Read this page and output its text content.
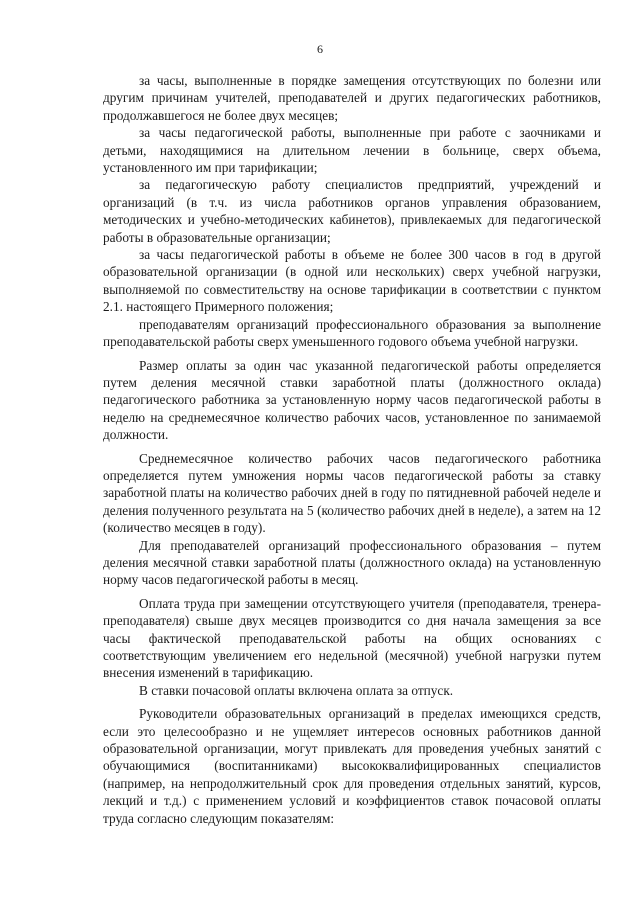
6

за часы, выполненные в порядке замещения отсутствующих по болезни или другим причинам учителей, преподавателей и других педагогических работников, продолжавшегося не более двух месяцев;

за часы педагогической работы, выполненные при работе с заочниками и детьми, находящимися на длительном лечении в больнице, сверх объема, установленного им при тарификации;

за педагогическую работу специалистов предприятий, учреждений и организаций (в т.ч. из числа работников органов управления образованием, методических и учебно-методических кабинетов), привлекаемых для педагогической работы в образовательные организации;

за часы педагогической работы в объеме не более 300 часов в год в другой образовательной организации (в одной или нескольких) сверх учебной нагрузки, выполняемой по совместительству на основе тарификации в соответствии с пунктом 2.1. настоящего Примерного положения;

преподавателям организаций профессионального образования за выполнение преподавательской работы сверх уменьшенного годового объема учебной нагрузки.

Размер оплаты за один час указанной педагогической работы определяется путем деления месячной ставки заработной платы (должностного оклада) педагогического работника за установленную норму часов педагогической работы в неделю на среднемесячное количество рабочих часов, установленное по занимаемой должности.

Среднемесячное количество рабочих часов педагогического работника определяется путем умножения нормы часов педагогической работы за ставку заработной платы на количество рабочих дней в году по пятидневной рабочей неделе и деления полученного результата на 5 (количество рабочих дней в неделе), а затем на 12 (количество месяцев в году).

Для преподавателей организаций профессионального образования – путем деления месячной ставки заработной платы (должностного оклада) на установленную норму часов педагогической работы в месяц.

Оплата труда при замещении отсутствующего учителя (преподавателя, тренера-преподавателя) свыше двух месяцев производится со дня начала замещения за все часы фактической преподавательской работы на общих основаниях с соответствующим увеличением его недельной (месячной) учебной нагрузки путем внесения изменений в тарификацию.

В ставки почасовой оплаты включена оплата за отпуск.

Руководители образовательных организаций в пределах имеющихся средств, если это целесообразно и не ущемляет интересов основных работников данной образовательной организации, могут привлекать для проведения учебных занятий с обучающимися (воспитанниками) высококвалифицированных специалистов (например, на непродолжительный срок для проведения отдельных занятий, курсов, лекций и т.д.) с применением условий и коэффициентов ставок почасовой оплаты труда согласно следующим показателям:
